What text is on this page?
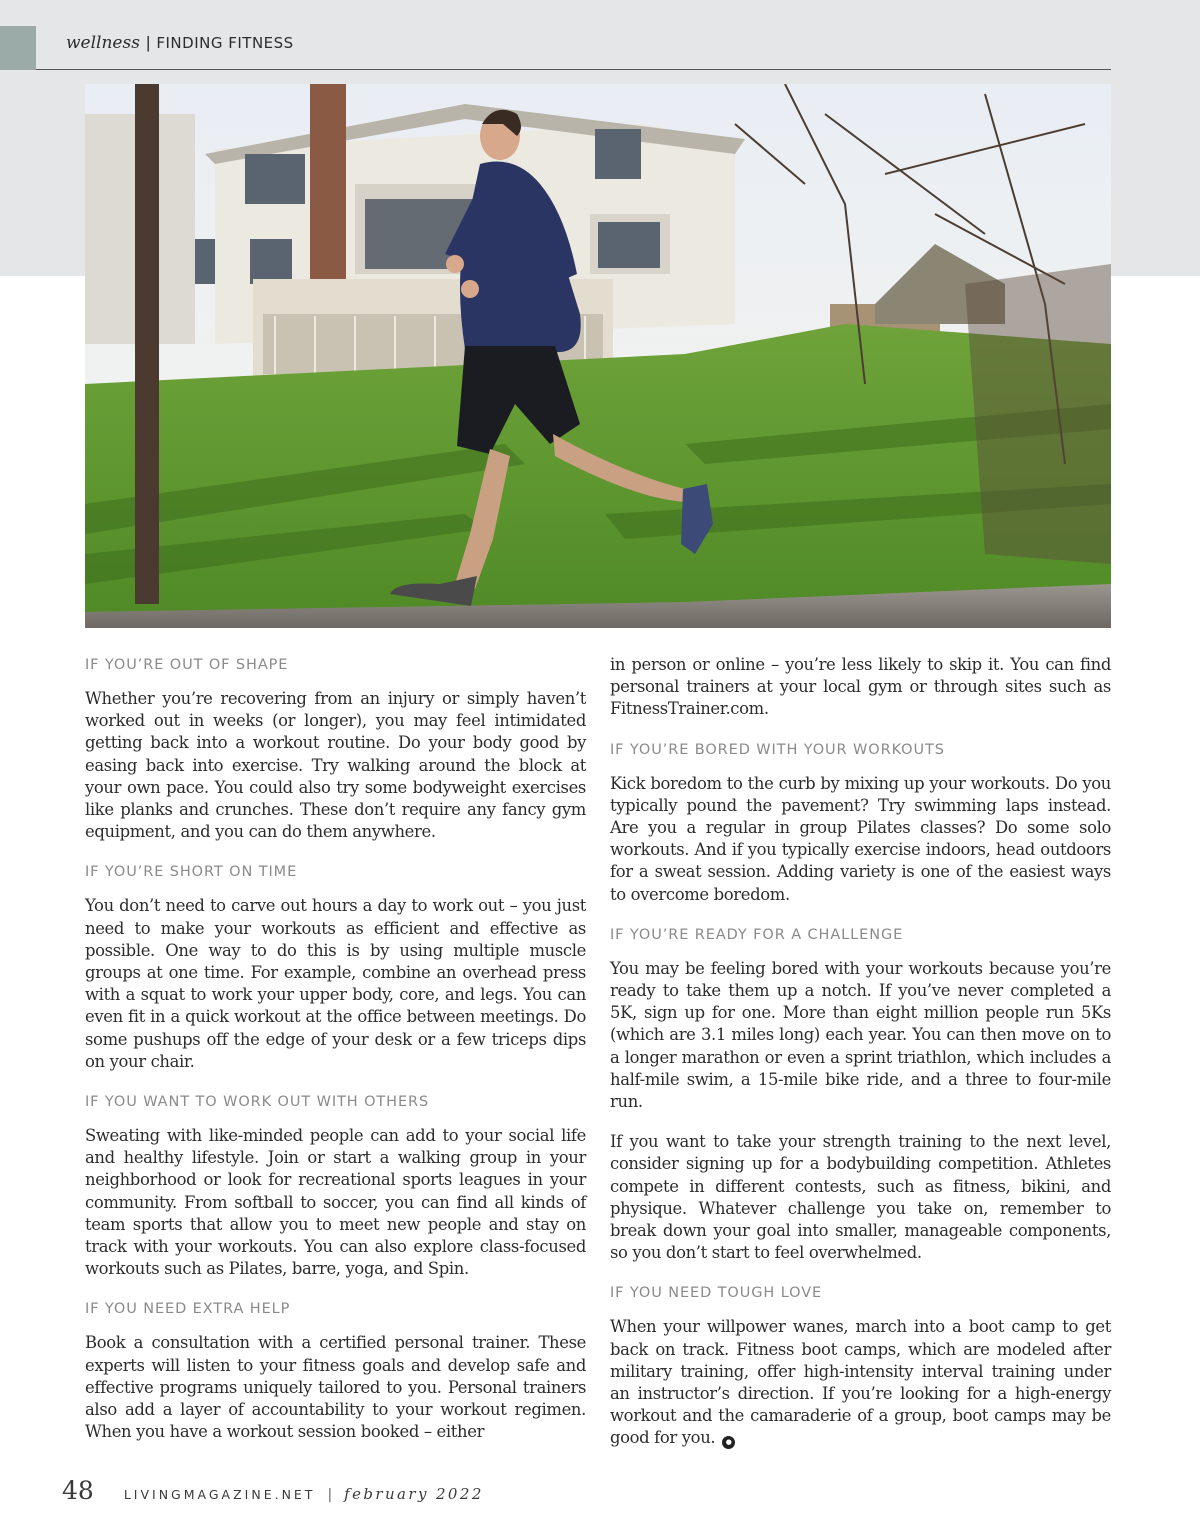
wellness | FINDING FITNESS
IF YOU’RE OUT OF SHAPE

Whether you’re recovering from an injury or simply haven’t worked out in weeks (or longer), you may feel intimidated getting back into a workout routine. Do your body good by easing back into exercise. Try walking around the block at your own pace. You could also try some bodyweight exercises like planks and crunches. These don’t require any fancy gym equipment, and you can do them anywhere.

IF YOU’RE SHORT ON TIME

You don’t need to carve out hours a day to work out – you just need to make your workouts as efficient and effective as possible. One way to do this is by using multiple muscle groups at one time. For example, combine an overhead press with a squat to work your upper body, core, and legs. You can even fit in a quick workout at the office between meetings. Do some pushups off the edge of your desk or a few triceps dips on your chair.

IF YOU WANT TO WORK OUT WITH OTHERS

Sweating with like-minded people can add to your social life and healthy lifestyle. Join or start a walking group in your neighborhood or look for recreational sports leagues in your community. From softball to soccer, you can find all kinds of team sports that allow you to meet new people and stay on track with your workouts. You can also explore class-focused workouts such as Pilates, barre, yoga, and Spin.

IF YOU NEED EXTRA HELP

Book a consultation with a certified personal trainer. These experts will listen to your fitness goals and develop safe and effective programs uniquely tailored to you. Personal trainers also add a layer of accountability to your workout regimen. When you have a workout session booked – either

in person or online – you’re less likely to skip it. You can find personal trainers at your local gym or through sites such as FitnessTrainer.com.

IF YOU’RE BORED WITH YOUR WORKOUTS

Kick boredom to the curb by mixing up your workouts. Do you typically pound the pavement? Try swimming laps instead. Are you a regular in group Pilates classes? Do some solo workouts. And if you typically exercise indoors, head outdoors for a sweat session. Adding variety is one of the easiest ways to overcome boredom.

IF YOU’RE READY FOR A CHALLENGE

You may be feeling bored with your workouts because you’re ready to take them up a notch. If you’ve never completed a 5K, sign up for one. More than eight million people run 5Ks (which are 3.1 miles long) each year. You can then move on to a longer marathon or even a sprint triathlon, which includes a half-mile swim, a 15-mile bike ride, and a three to four-mile run.

If you want to take your strength training to the next level, consider signing up for a bodybuilding competition. Athletes compete in different contests, such as fitness, bikini, and physique. Whatever challenge you take on, remember to break down your goal into smaller, manageable components, so you don’t start to feel overwhelmed.

IF YOU NEED TOUGH LOVE

When your willpower wanes, march into a boot camp to get back on track. Fitness boot camps, which are modeled after military training, offer high-intensity interval training under an instructor’s direction. If you’re looking for a high-energy workout and the camaraderie of a group, boot camps may be good for you. ●

48 LIVINGMAGAZINE.NET | february 2022
